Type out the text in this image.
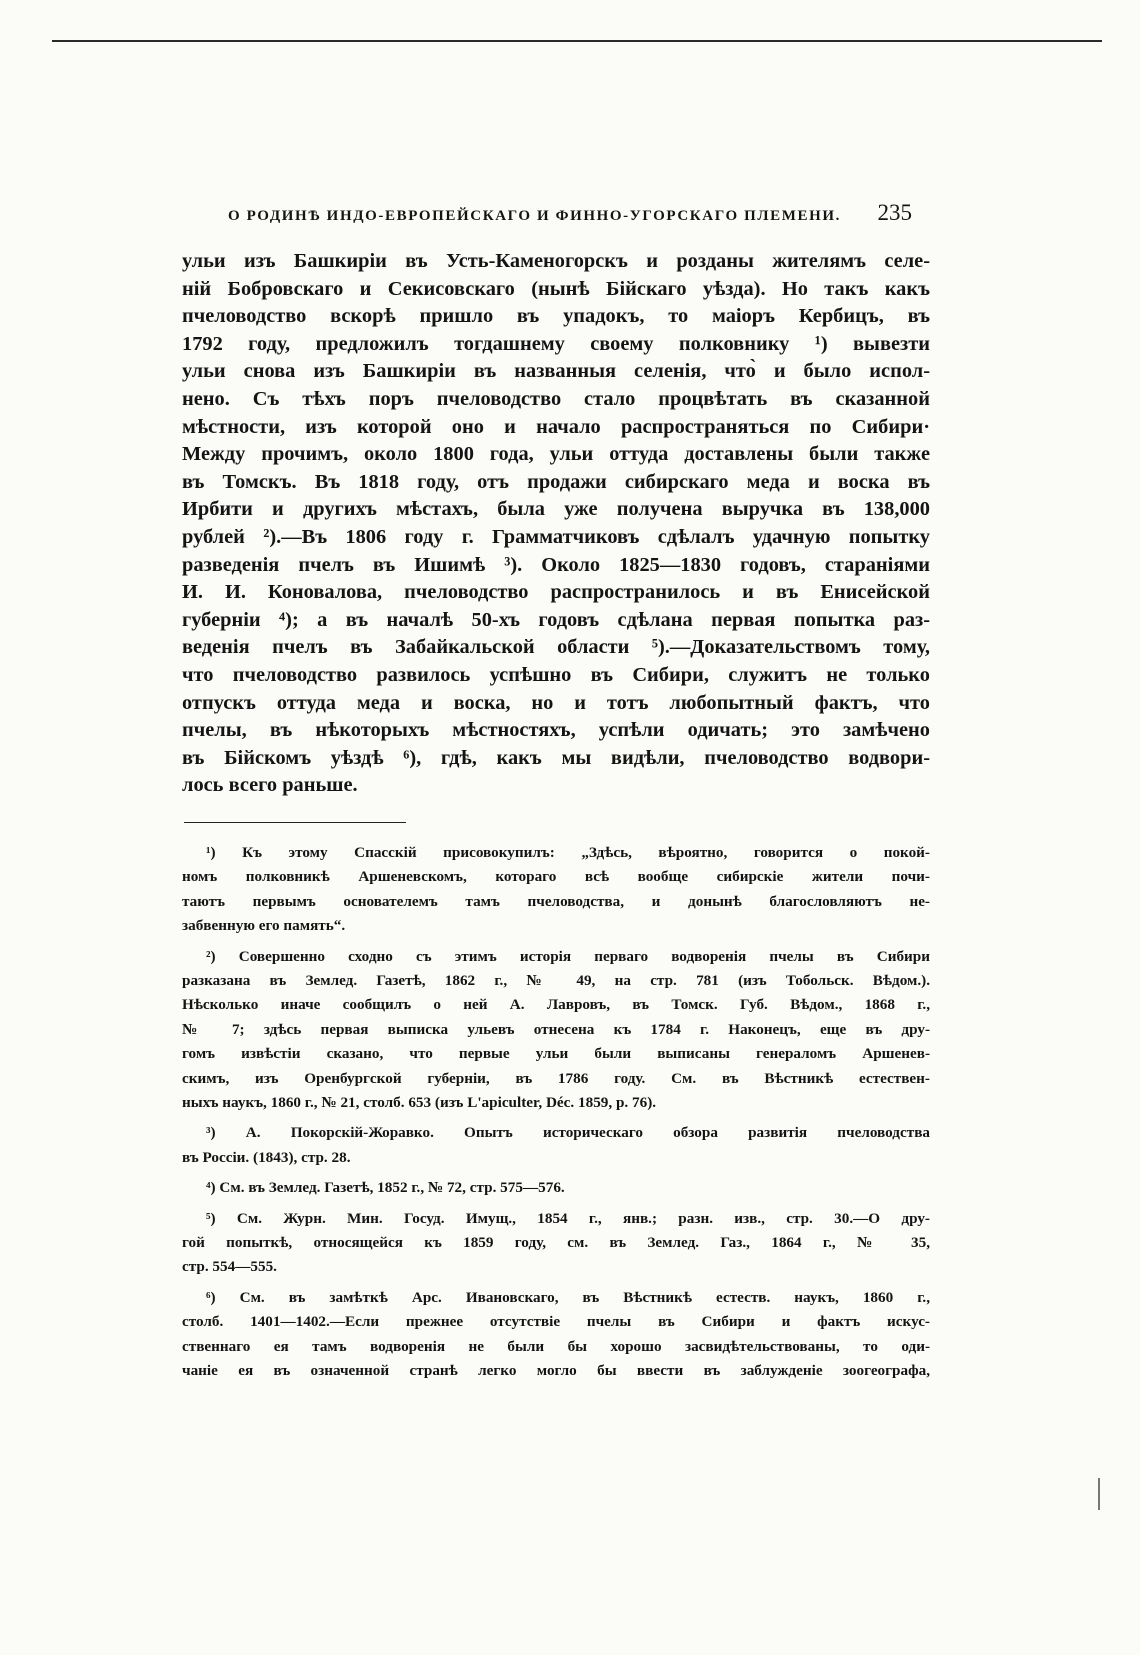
О РОДИНѢ ИНДО-ЕВРОПЕЙСКАГО И ФИННО-УГОРСКАГО ПЛЕМЕНИ. 235
ульи изъ Башкиріи въ Усть-Каменогорскъ и розданы жителямъ селе-
ній Бобровскаго и Секисовскаго (нынѣ Бійскаго уѣзда). Но такъ какъ
пчеловодство вскорѣ пришло въ упадокъ, то маіоръ Кербицъ, въ
1792 году, предложилъ тогдашнему своему полковнику ¹) вывезти
ульи снова изъ Башкиріи въ названныя селенія, что̀ и было испол-
нено. Съ тѣхъ поръ пчеловодство стало процвѣтать въ сказанной
мѣстности, изъ которой оно и начало распространяться по Сибири·
Между прочимъ, около 1800 года, ульи оттуда доставлены были также
въ Томскъ. Въ 1818 году, отъ продажи сибирскаго меда и воска въ
Ирбити и другихъ мѣстахъ, была уже получена выручка въ 138,000
рублей ²).—Въ 1806 году г. Грамматчиковъ сдѣлалъ удачную попытку
разведенія пчелъ въ Ишимѣ ³). Около 1825—1830 годовъ, стараніями
И. И. Коновалова, пчеловодство распространилось и въ Енисейской
губерніи ⁴); а въ началѣ 50-хъ годовъ сдѣлана первая попытка раз-
веденія пчелъ въ Забайкальской области ⁵).—Доказательствомъ тому,
что пчеловодство развилось успѣшно въ Сибири, служитъ не только
отпускъ оттуда меда и воска, но и тотъ любопытный фактъ, что
пчелы, въ нѣкоторыхъ мѣстностяхъ, успѣли одичать; это замѣчено
въ Бійскомъ уѣздѣ ⁶), гдѣ, какъ мы видѣли, пчеловодство водвори-
лось всего раньше.
¹) Къ этому Спасскій присовокупилъ: „Здѣсь, вѣроятно, говорится о покой-
номъ полковникѣ Аршеневскомъ, котораго всѣ вообще сибирскіе жители почи-
таютъ первымъ основателемъ тамъ пчеловодства, и донынѣ благословляютъ не-
забвенную его память“.
²) Совершенно сходно съ этимъ исторія перваго водворенія пчелы въ Сибири
разказана въ Землед. Газетѣ, 1862 г., № 49, на стр. 781 (изъ Тобольск. Вѣдом.).
Нѣсколько иначе сообщилъ о ней А. Лавровъ, въ Томск. Губ. Вѣдом., 1868 г.,
№ 7; здѣсь первая выписка ульевъ отнесена къ 1784 г. Наконецъ, еще въ дру-
гомъ извѣстіи сказано, что первые ульи были выписаны генераломъ Аршенев-
скимъ, изъ Оренбургской губерніи, въ 1786 году. См. въ Вѣстникѣ естествен-
ныхъ наукъ, 1860 г., № 21, столб. 653 (изъ L'apiculter, Déc. 1859, p. 76).
³) А. Покорскій-Жоравко. Опытъ историческаго обзора развитія пчеловодства
въ Россіи. (1843), стр. 28.
⁴) См. въ Землед. Газетѣ, 1852 г., № 72, стр. 575—576.
⁵) См. Журн. Мин. Госуд. Имущ., 1854 г., янв.; разн. изв., стр. 30.—О дру-
гой попыткѣ, относящейся къ 1859 году, см. въ Землед. Газ., 1864 г., № 35,
стр. 554—555.
⁶) См. въ замѣткѣ Арс. Ивановскаго, въ Вѣстникѣ естеств. наукъ, 1860 г.,
столб. 1401—1402.—Если прежнее отсутствіе пчелы въ Сибири и фактъ искус-
ственнаго ея тамъ водворенія не были бы хорошо засвидѣтельствованы, то оди-
чаніе ея въ означенной странѣ легко могло бы ввести въ заблужденіе зоогеографа,
